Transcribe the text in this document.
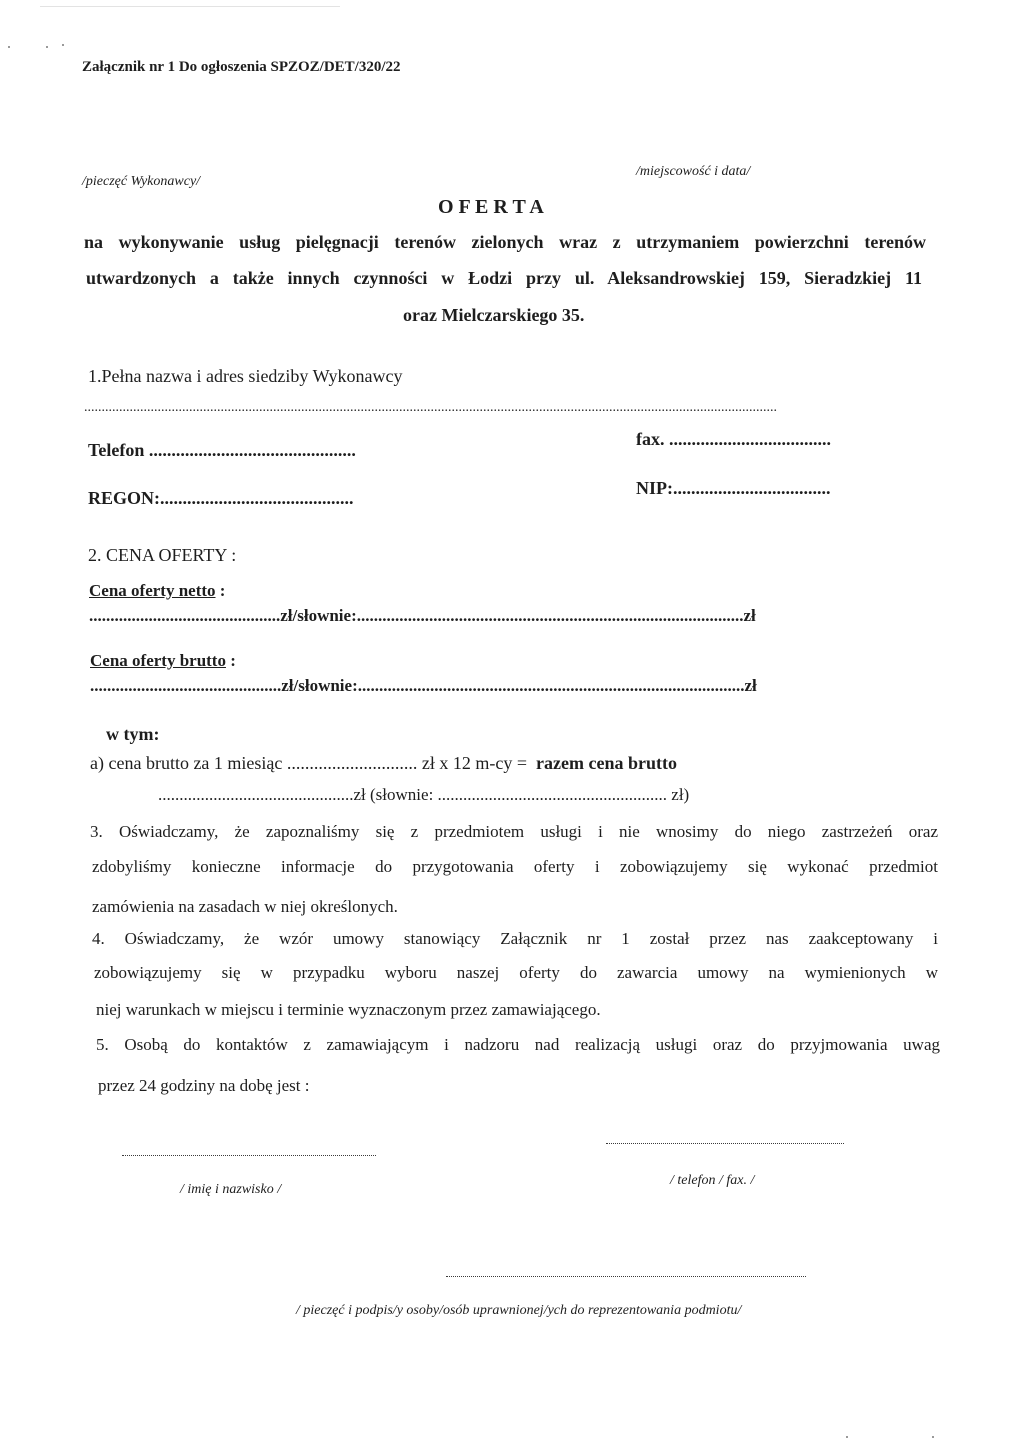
Załącznik nr 1 Do ogłoszenia SPZOZ/DET/320/22
/pieczęć Wykonawcy/
/miejscowość i data/
O F E R T A
na wykonywanie usług pielęgnacji terenów zielonych wraz z utrzymaniem powierzchni terenów
utwardzonych a także innych czynności w Łodzi przy ul. Aleksandrowskiej 159, Sieradzkiej 11
oraz Mielczarskiego 35.
1.Pełna nazwa i adres siedziby Wykonawcy
......................................................................................................................................................................................................
Telefon ..............................................
fax. ....................................
REGON:...........................................	NIP:...................................
2. CENA OFERTY :
Cena oferty netto :
.............................................zł/słownie:...........................................................................................zł
Cena oferty brutto :
.............................................zł/słownie:...........................................................................................zł
w tym:
a) cena brutto za 1 miesiąc ............................. zł x 12 m-cy = razem cena brutto
..............................................zł (słownie: ...................................................... zł)
3. Oświadczamy, że zapoznaliśmy się z przedmiotem usługi i nie wnosimy do niego zastrzeżeń oraz
zdobyliśmy konieczne informacje do przygotowania oferty i zobowiązujemy się wykonać przedmiot
zamówienia na zasadach w niej określonych.
4. Oświadczamy, że wzór umowy stanowiący Załącznik nr 1 został przez nas zaakceptowany i
zobowiązujemy się w przypadku wyboru naszej oferty do zawarcia umowy na wymienionych w
niej warunkach w miejscu i terminie wyznaczonym przez zamawiającego.
5. Osobą do kontaktów z zamawiającym i nadzoru nad realizacją usługi oraz do przyjmowania uwag
przez 24 godziny na dobę jest :
/ imię i nazwisko /
/ telefon / fax. /
/ pieczęć i podpis/y osoby/osób uprawnionej/ych do reprezentowania podmiotu/
